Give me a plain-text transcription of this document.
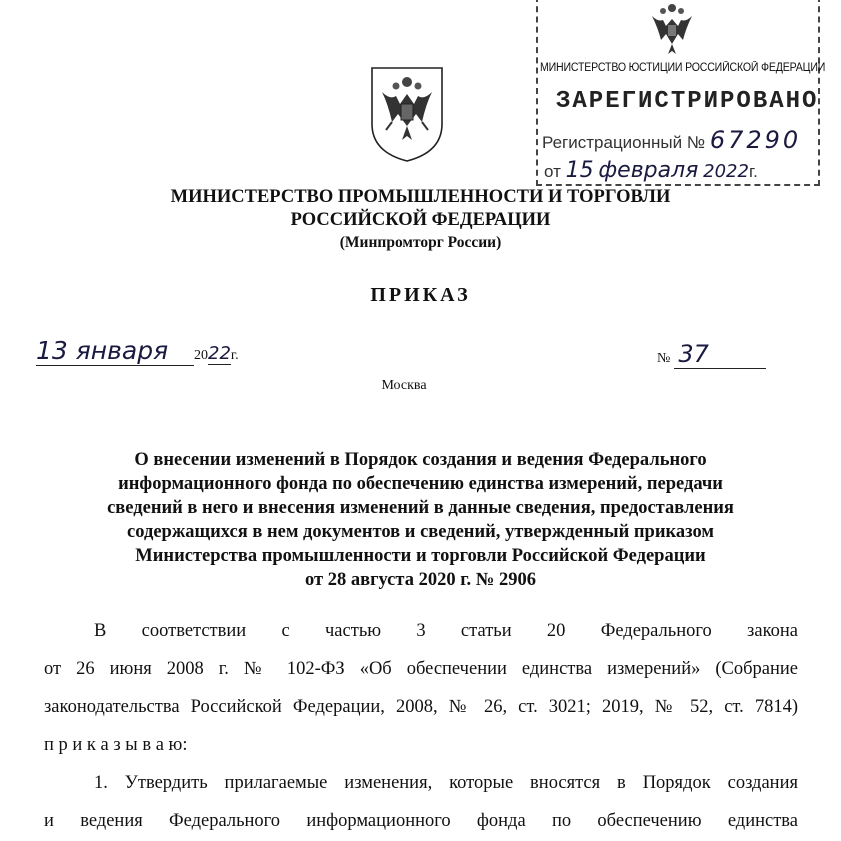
МИНИСТЕРСТВО ЮСТИЦИИ РОССИЙСКОЙ ФЕДЕРАЦИИ
ЗАРЕГИСТРИРОВАНО
Регистрационный № 67290
от 15 февраля 2022г.
МИНИСТЕРСТВО ПРОМЫШЛЕННОСТИ И ТОРГОВЛИ
РОССИЙСКОЙ ФЕДЕРАЦИИ
(Минпромторг России)
ПРИКАЗ
13 января 2022г.	№ 37
Москва
О внесении изменений в Порядок создания и ведения Федерального
информационного фонда по обеспечению единства измерений, передачи
сведений в него и внесения изменений в данные сведения, предоставления
содержащихся в нем документов и сведений, утвержденный приказом
Министерства промышленности и торговли Российской Федерации
от 28 августа 2020 г. № 2906
В соответствии с частью 3 статьи 20 Федерального закона
от 26 июня 2008 г. № 102-ФЗ «Об обеспечении единства измерений» (Собрание
законодательства Российской Федерации, 2008, № 26, ст. 3021; 2019, № 52, ст. 7814)
п р и к а з ы в а ю:
1. Утвердить прилагаемые изменения, которые вносятся в Порядок создания
и ведения Федерального информационного фонда по обеспечению единства
